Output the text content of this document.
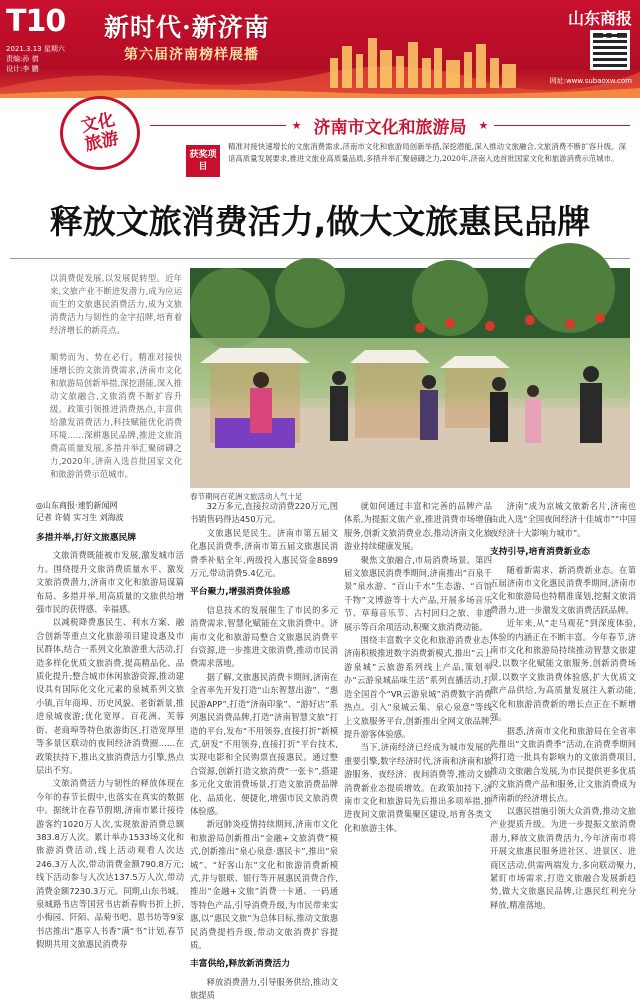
T10
2021.3.13 星期六
责编:孙 倩
设计:李 鹏
新时代·新济南
第六届济南榜样展播
山东商报
网址:www.subaoxw.com
文化旅游
★ 济南市文化和旅游局	★
获奖项目
精准对接快速增长的文旅消费需求,济南市文化和旅游局创新举措,深挖潜能,深入推动文旅融合,文旅消费不断扩容升级。深谙高质量发展要求,推进文旅业高质量品质,多措并举汇聚磅礴之力,2020年,济南入选首批国家文化和旅游消费示范城市。
释放文旅消费活力,做大文旅惠民品牌
以消费促发展,以发展促转型。近年来,文旅产业不断进发潜力,成为应运而生的文旅惠民消费活力,成为文旅消费活力与韧性的金字招牌,培育着经济增长的新亮点。

顺势而为、势在必行。精准对接快速增长的文旅消费需求,济南市文化和旅游局创新举措,深挖潜能,深入推动文旅融合,文旅消费不断扩容升级。政策引领推进消费热点,丰富供给激发消费活力,科技赋能优化消费环境……深耕惠民品牌,推进文旅消费高质量发展,多措并举汇聚磅礴之力,2020年,济南入选首批国家文化和旅游消费示范城市。
春节期间百花洲文旅活动人气十足

◎山东商报·速豹新闻网
记者 许倩 实习生 刘海波

多措并举,打好文旅惠民牌

文旅消费既能被市发展,激发城市活力。围绕提升文旅消费质量水平、激发文旅消费潜力,济南市文化和旅游局谋篇布局、多措并举,用高质量的文旅供给增强市民的获得感、幸福感。

以减税降费惠民生、利水方案、融合创新等重点文化旅游项目建设惠及市民群体,结合一系列文化旅游重大活动,打造多样化优质文旅消费,提高精品化、品质化提升;整合城市休闲旅游资源,推动建设具有国际化文化元素的泉城系列文旅小镇,百年商埠、历史风貌、老街新景,推进泉城夜游;优化宽厚、百花洲、芙蓉街、老商埠等特色旅游街区,打造宽厚里等多景区联动的夜间经济消费圈……在政策扶持下,推出文旅消费活力引擎,热点层出不穷。

文旅消费活力与韧性的释放体现在今年的春节长假中,也落实在真实的数据中。据统计在春节假期,济南市累计接待游客约1020万人次,实现旅游消费总额383.8万人次。累计举办1533场文化和旅游消费活动,线上活动观看人次达246.3万人次,带动消费金额790.8万元;线下活动参与人次达137.5万人次,带动消费金额7230.3万元。同期,山东书城、泉城路书店等国营书店新春购书折上折,小梅园、阡陌、品菊书吧、恩书坊等9家书店推出“惠享人书香”满“书”计划,春节假期共用文旅惠民消费券

32万多元,直接拉动消费220万元,图书销售码得达450万元。

文旅惠民是民生。济南市第五届文化惠民消费季,济南市第五届文旅惠民消费季补贴全年,两级投入惠民资金8899万元,带动消费5.4亿元。

平台聚力,增强消费体验感

信息技术的发展催生了市民的多元消费需求,智慧化赋能在文旅消费中。济南市文化和旅游局整合文旅惠民消费平台资源,进一步推进文旅消费,推动市民消费需求落地。

据了解,文旅惠民消费卡期间,济南在全省率先开发打造“山东智慧出游”、“惠民游APP”,打造“济南印象”、“游好店”系列惠民消费品牌,打造“济南智慧文旅”打造的平台,发布“不用领券,直接打折”新模式,研发“不用领券,直接打折”平台技术,实现电影和全民购票直接惠民。通过整合资源,创新打造文旅消费“一张卡”,搭建多元化文旅消费场景,打造文旅消费品牌化、品质化、便捷化,增强市民文旅消费体验感。

新冠肺炎疫情持续期间,济南市文化和旅游局创新推出“金融+文旅消费”模式,创新推出“泉心泉意·惠民卡”,推出“泉城”、“好客山东”文化和旅游消费新模式,并与银联、银行等开展惠民消费合作,推出“金融+文旅”消费一卡通、一码通等特色产品,引导消费升级,为市民带来实惠,以“惠民文旅”为总体目标,推动文旅惠民消费提档升级,带动文旅消费扩容提质。

丰富供给,释放新消费活力

释放消费潜力,引导服务供给,推动文旅提质

就如何通过丰富和完善的品牌产品体系,为提振文旅产业,推进消费市场增值服务,创新文旅消费业态,推动济南文化旅游业持续健康发展。

聚焦文旅融合,市局消费场景。第四届文旅惠民消费季期间,济南推出“百泉千景”泉水游、“百山千水”生态游、“百馆千物”文博游等十大产品,开展多场音乐节、草莓音乐节、古村回归之旅、非遗展示等百余项活动,积聚文旅消费动能。

围绕丰富数字文化和旅游消费业态,济南积极推进数字消费新模式,推出“云上游泉城”云旅游系列线上产品,策划举办“云游泉城品味生活”系列直播活动,打造全国首个“VR云游泉城”消费数字消费热点。引入“泉城云集、泉心泉意”等线上文旅服务平台,创新推出全网文旅品牌,提升游客体验感。

当下,济南经济已经成为城市发展的重要引擎,数字经济时代,济南和济南和旅游服务、夜经济、夜间消费等,推动文旅消费新业态提质增效。在政策加持下,济南市文化和旅游局先后推出多项举措,推进夜间文旅消费集聚区建设,培育各类文化和旅游主体。

济南”成为京城文旅新名片,济南也由此入选“全国夜间经济十佳城市”“中国夜经济十大影响力城市”。

支持引导,培育消费新业态

随着新需求、新消费新业态。在第五届济南市文化惠民消费季期间,济南市文化和旅游局也特精准谋划,挖掘文旅消费潜力,进一步激发文旅消费活跃品牌。

近年来,从“走马观花”到深度体验,体验的内涵正在不断丰富。今年春节,济南市文化和旅游局持续推动智慧文旅建设,以数字化赋能文旅服务,创新消费场景,以数字文旅消费体验感,扩大优质文旅产品供给,为高质量发展注入新动能,文化和旅游消费新的增长点正在不断增强。

据悉,济南市文化和旅游局在全省率先推出“文旅消费季”活动,在消费季期间将打造一批具有影响力的文旅消费项目,推动文旅融合发展,为市民提供更多优质的文旅消费产品和服务,让文旅消费成为济南新的经济增长点。

以惠民措施引领大众消费,推动文旅产业提质升级。为进一步提振文旅消费潜力,释放文旅消费活力,今年济南市将开展文旅惠民服务进社区、进景区、进商区活动,供需两端发力,多向联动聚力,紧盯市场需求,打造文旅融合发展新趋势,做大文旅惠民品牌,让惠民红利充分释放,精准落地。
